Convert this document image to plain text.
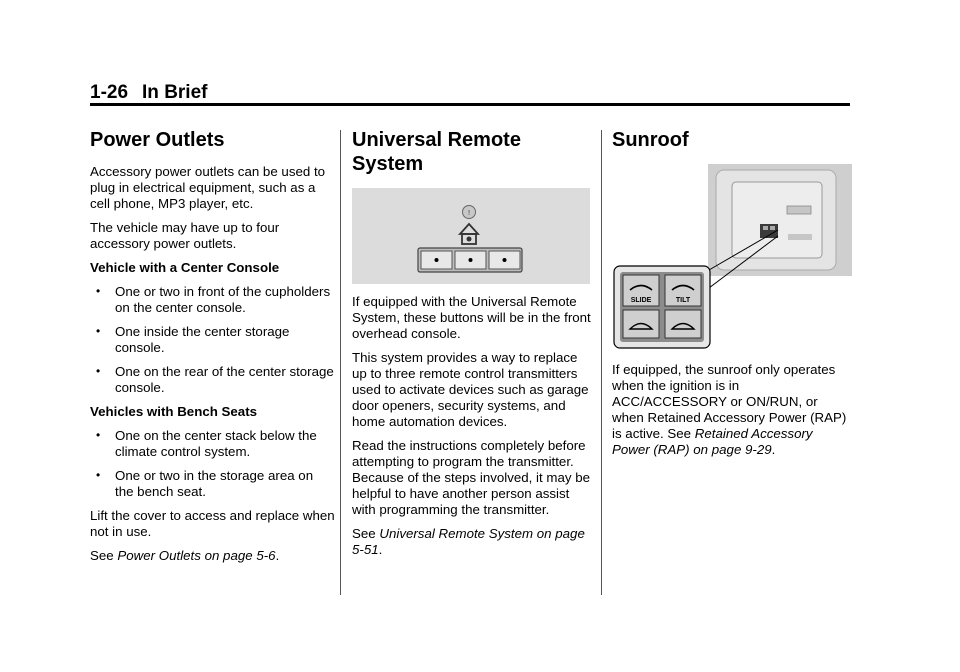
1-26 In Brief
Power Outlets

Accessory power outlets can be used to plug in electrical equipment, such as a cell phone, MP3 player, etc.

The vehicle may have up to four accessory power outlets.

Vehicle with a Center Console

• One or two in front of the cupholders on the center console.
• One inside the center storage console.
• One on the rear of the center storage console.

Vehicles with Bench Seats

• One on the center stack below the climate control system.
• One or two in the storage area on the bench seat.

Lift the cover to access and replace when not in use.

See Power Outlets on page 5-6.

Universal Remote System
!

If equipped with the Universal Remote System, these buttons will be in the front overhead console.

This system provides a way to replace up to three remote control transmitters used to activate devices such as garage door openers, security systems, and home automation devices.

Read the instructions completely before attempting to program the transmitter. Because of the steps involved, it may be helpful to have another person assist with programming the transmitter.

See Universal Remote System on page 5-51.

Sunroof
SLIDE	TILT

If equipped, the sunroof only operates when the ignition is in ACC/ACCESSORY or ON/RUN, or when Retained Accessory Power (RAP) is active. See Retained Accessory Power (RAP) on page 9-29.
